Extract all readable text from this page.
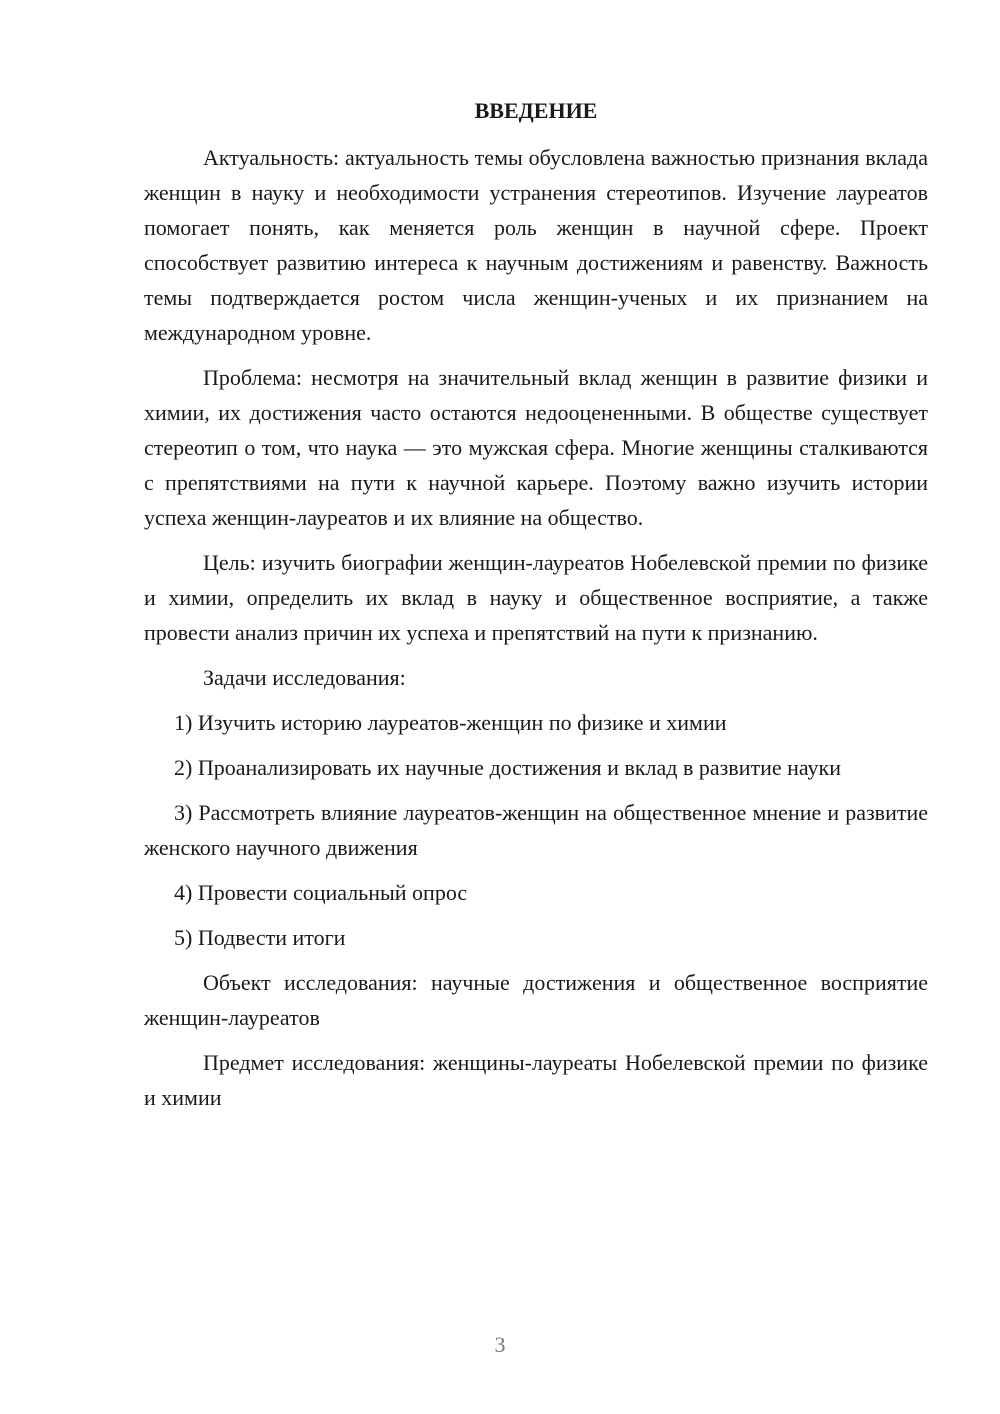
ВВЕДЕНИЕ

Актуальность: актуальность темы обусловлена важностью признания вклада женщин в науку и необходимости устранения стереотипов. Изучение лауреатов помогает понять, как меняется роль женщин в научной сфере. Проект способствует развитию интереса к научным достижениям и равенству. Важность темы подтверждается ростом числа женщин-ученых и их признанием на международном уровне.

Проблема: несмотря на значительный вклад женщин в развитие физики и химии, их достижения часто остаются недооцененными. В обществе существует стереотип о том, что наука — это мужская сфера. Многие женщины сталкиваются с препятствиями на пути к научной карьере. Поэтому важно изучить истории успеха женщин-лауреатов и их влияние на общество.

Цель: изучить биографии женщин-лауреатов Нобелевской премии по физике и химии, определить их вклад в науку и общественное восприятие, а также провести анализ причин их успеха и препятствий на пути к признанию.

Задачи исследования:

1) Изучить историю лауреатов-женщин по физике и химии

2) Проанализировать их научные достижения и вклад в развитие науки

3) Рассмотреть влияние лауреатов-женщин на общественное мнение и развитие женского научного движения

4) Провести социальный опрос

5) Подвести итоги

Объект исследования: научные достижения и общественное восприятие женщин-лауреатов

Предмет исследования: женщины-лауреаты Нобелевской премии по физике и химии

3
